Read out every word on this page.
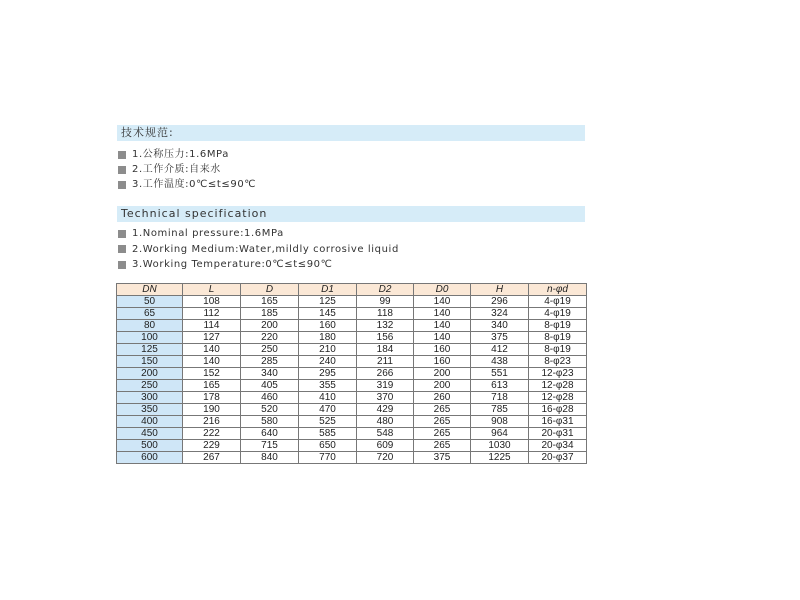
技术规范:
1.公称压力:1.6MPa
2.工作介质:自来水
3.工作温度:0℃≤t≤90℃
Technical specification
1.Nominal pressure:1.6MPa
2.Working Medium:Water,mildly corrosive liquid
3.Working Temperature:0℃≤t≤90℃
DN	L	D	D1	D2	D0	H	n-φd
50	108	165	125	99	140	296	4-φ19
65	112	185	145	118	140	324	4-φ19
80	114	200	160	132	140	340	8-φ19
100	127	220	180	156	140	375	8-φ19
125	140	250	210	184	160	412	8-φ19
150	140	285	240	211	160	438	8-φ23
200	152	340	295	266	200	551	12-φ23
250	165	405	355	319	200	613	12-φ28
300	178	460	410	370	260	718	12-φ28
350	190	520	470	429	265	785	16-φ28
400	216	580	525	480	265	908	16-φ31
450	222	640	585	548	265	964	20-φ31
500	229	715	650	609	265	1030	20-φ34
600	267	840	770	720	375	1225	20-φ37
